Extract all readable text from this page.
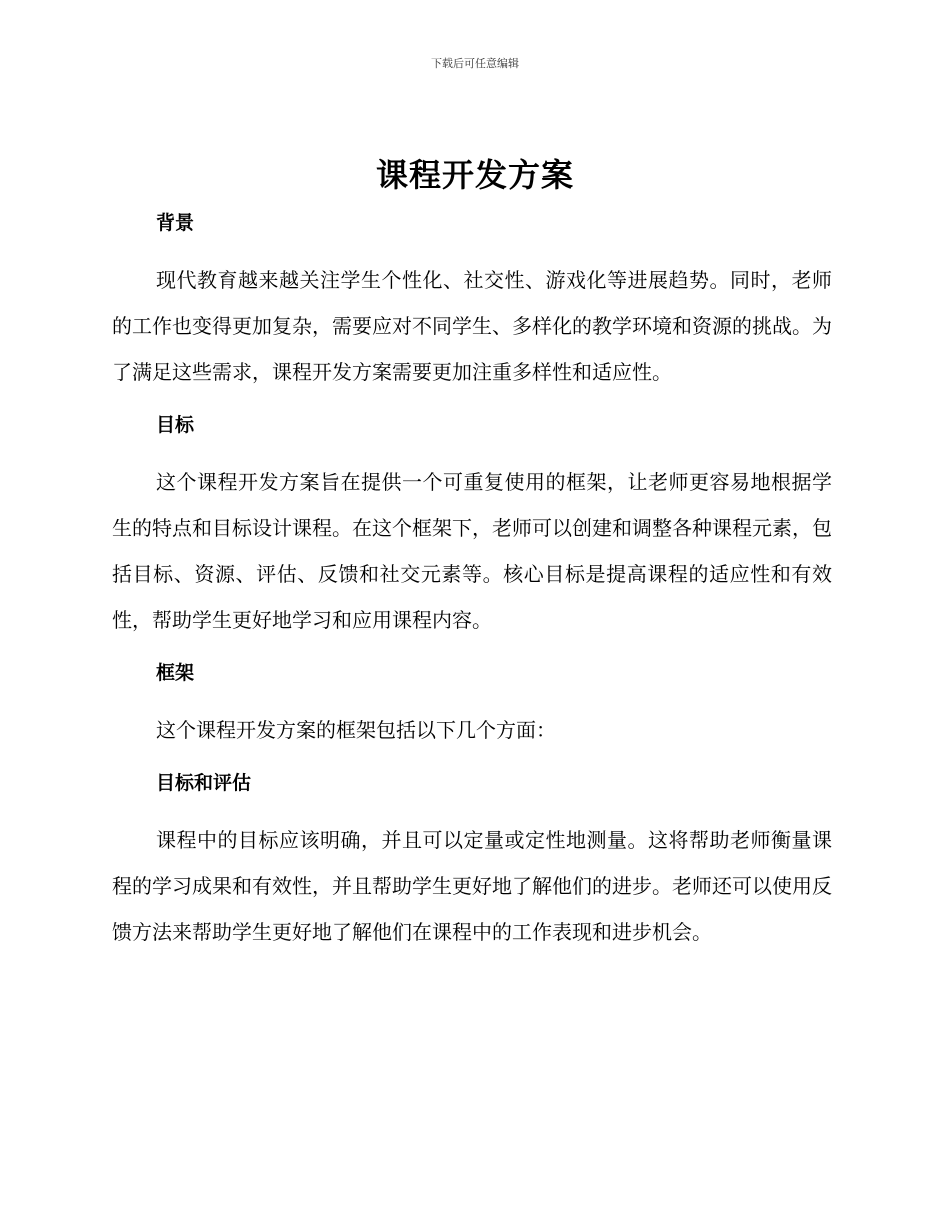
下载后可任意编辑
课程开发方案
背景

现代教育越来越关注学生个性化、社交性、游戏化等进展趋势。同时，老师的工作也变得更加复杂，需要应对不同学生、多样化的教学环境和资源的挑战。为了满足这些需求，课程开发方案需要更加注重多样性和适应性。

目标

这个课程开发方案旨在提供一个可重复使用的框架，让老师更容易地根据学生的特点和目标设计课程。在这个框架下，老师可以创建和调整各种课程元素，包括目标、资源、评估、反馈和社交元素等。核心目标是提高课程的适应性和有效性，帮助学生更好地学习和应用课程内容。

框架

这个课程开发方案的框架包括以下几个方面：

目标和评估

课程中的目标应该明确，并且可以定量或定性地测量。这将帮助老师衡量课程的学习成果和有效性，并且帮助学生更好地了解他们的进步。老师还可以使用反馈方法来帮助学生更好地了解他们在课程中的工作表现和进步机会。
